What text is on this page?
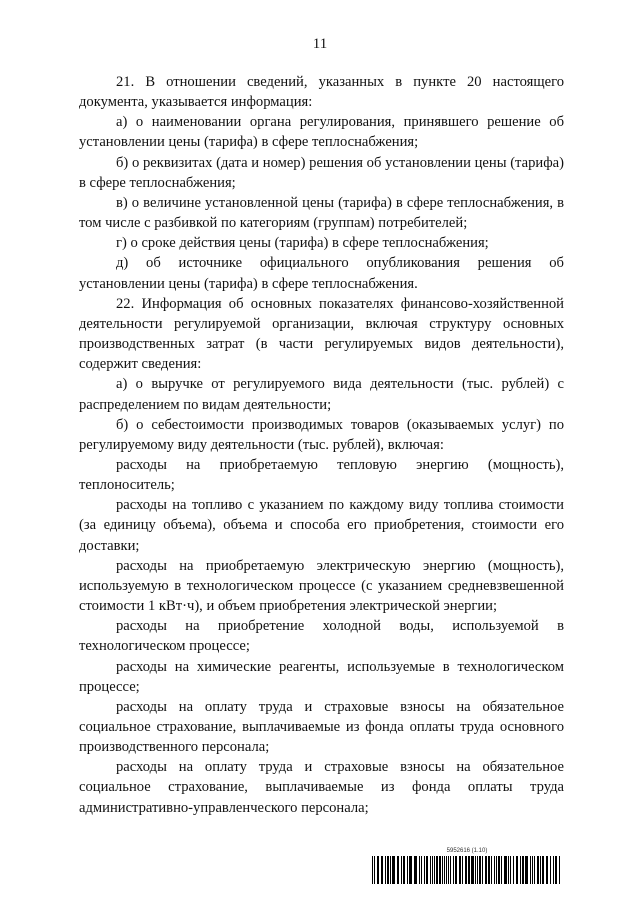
11

21. В отношении сведений, указанных в пункте 20 настоящего документа, указывается информация:

а) о наименовании органа регулирования, принявшего решение об установлении цены (тарифа) в сфере теплоснабжения;

б) о реквизитах (дата и номер) решения об установлении цены (тарифа) в сфере теплоснабжения;

в) о величине установленной цены (тарифа) в сфере теплоснабжения, в том числе с разбивкой по категориям (группам) потребителей;

г) о сроке действия цены (тарифа) в сфере теплоснабжения;

д) об источнике официального опубликования решения об установлении цены (тарифа) в сфере теплоснабжения.

22. Информация об основных показателях финансово-хозяйственной деятельности регулируемой организации, включая структуру основных производственных затрат (в части регулируемых видов деятельности), содержит сведения:

а) о выручке от регулируемого вида деятельности (тыс. рублей) с распределением по видам деятельности;

б) о себестоимости производимых товаров (оказываемых услуг) по регулируемому виду деятельности (тыс. рублей), включая:

расходы на приобретаемую тепловую энергию (мощность), теплоноситель;

расходы на топливо с указанием по каждому виду топлива стоимости (за единицу объема), объема и способа его приобретения, стоимости его доставки;

расходы на приобретаемую электрическую энергию (мощность), используемую в технологическом процессе (с указанием средневзвешенной стоимости 1 кВт·ч), и объем приобретения электрической энергии;

расходы на приобретение холодной воды, используемой в технологическом процессе;

расходы на химические реагенты, используемые в технологическом процессе;

расходы на оплату труда и страховые взносы на обязательное социальное страхование, выплачиваемые из фонда оплаты труда основного производственного персонала;

расходы на оплату труда и страховые взносы на обязательное социальное страхование, выплачиваемые из фонда оплаты труда административно-управленческого персонала;

5952616 (1.10)
